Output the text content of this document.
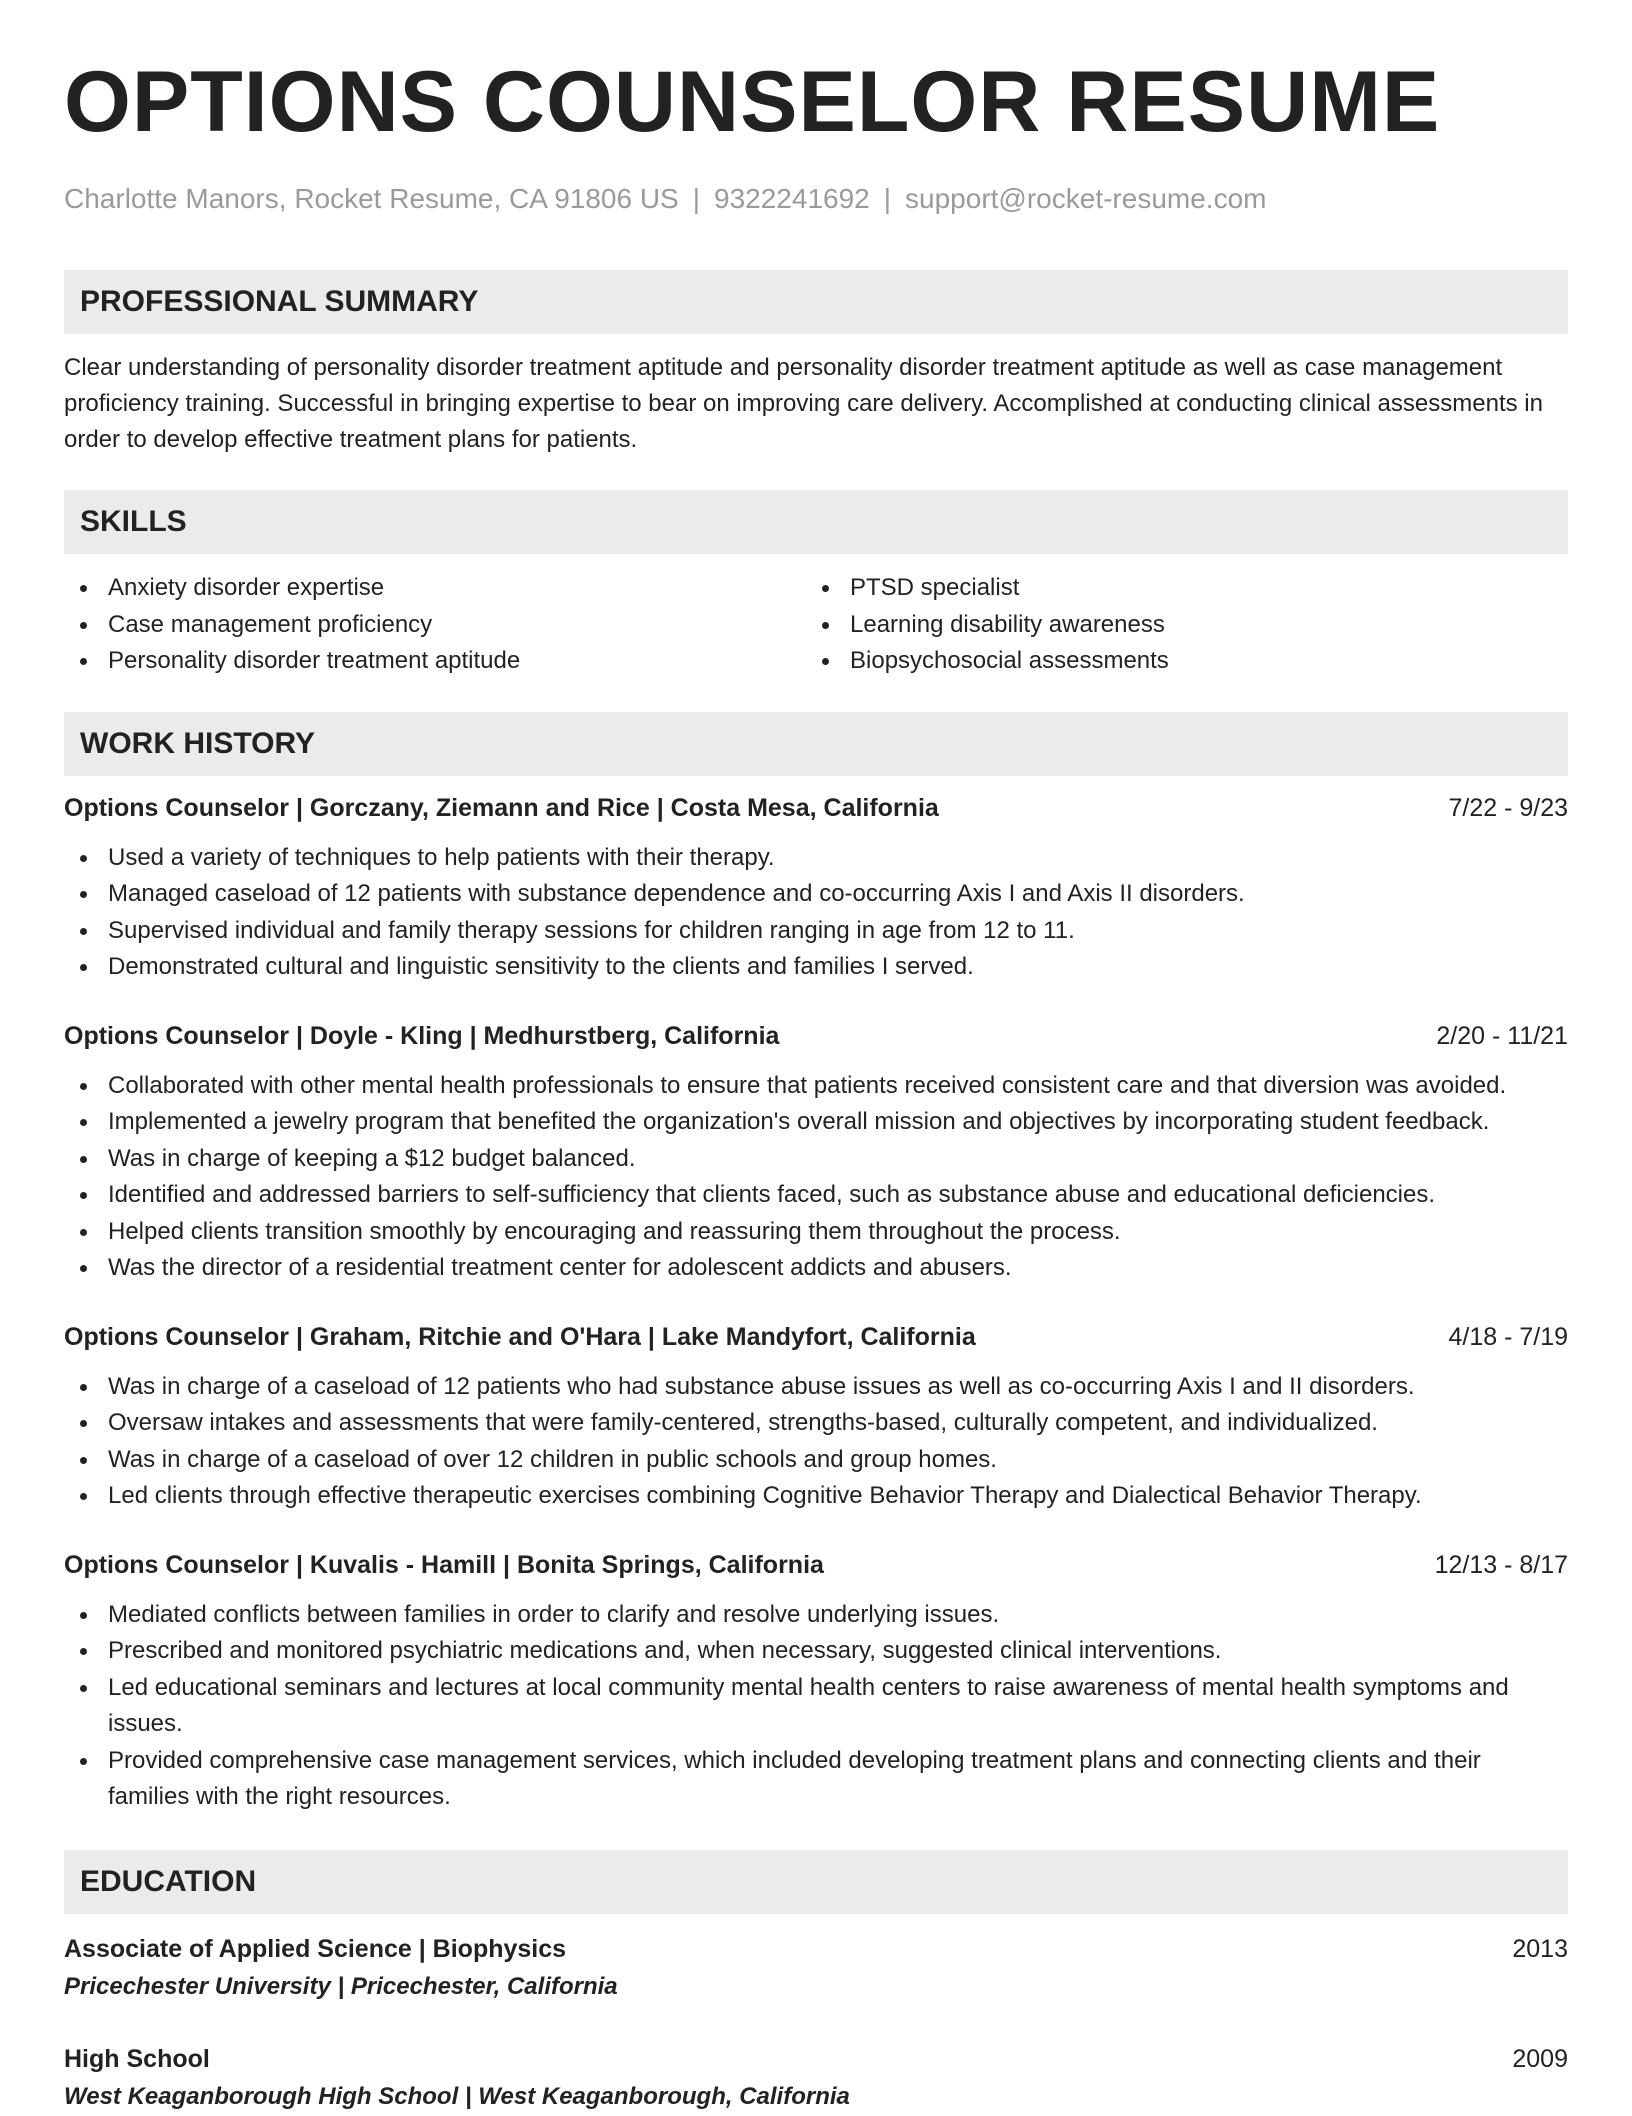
OPTIONS COUNSELOR RESUME
Charlotte Manors, Rocket Resume, CA 91806 US | 9322241692 | support@rocket-resume.com
PROFESSIONAL SUMMARY

Clear understanding of personality disorder treatment aptitude and personality disorder treatment aptitude as well as case management proficiency training. Successful in bringing expertise to bear on improving care delivery. Accomplished at conducting clinical assessments in order to develop effective treatment plans for patients.

SKILLS
Anxiety disorder expertise
Case management proficiency
Personality disorder treatment aptitude
PTSD specialist
Learning disability awareness
Biopsychosocial assessments
WORK HISTORY
Options Counselor | Gorczany, Ziemann and Rice | Costa Mesa, California	7/22 - 9/23
Used a variety of techniques to help patients with their therapy.
Managed caseload of 12 patients with substance dependence and co-occurring Axis I and Axis II disorders.
Supervised individual and family therapy sessions for children ranging in age from 12 to 11.
Demonstrated cultural and linguistic sensitivity to the clients and families I served.
Options Counselor | Doyle - Kling | Medhurstberg, California	2/20 - 11/21
Collaborated with other mental health professionals to ensure that patients received consistent care and that diversion was avoided.
Implemented a jewelry program that benefited the organization's overall mission and objectives by incorporating student feedback.
Was in charge of keeping a $12 budget balanced.
Identified and addressed barriers to self-sufficiency that clients faced, such as substance abuse and educational deficiencies.
Helped clients transition smoothly by encouraging and reassuring them throughout the process.
Was the director of a residential treatment center for adolescent addicts and abusers.
Options Counselor | Graham, Ritchie and O'Hara | Lake Mandyfort, California	4/18 - 7/19
Was in charge of a caseload of 12 patients who had substance abuse issues as well as co-occurring Axis I and II disorders.
Oversaw intakes and assessments that were family-centered, strengths-based, culturally competent, and individualized.
Was in charge of a caseload of over 12 children in public schools and group homes.
Led clients through effective therapeutic exercises combining Cognitive Behavior Therapy and Dialectical Behavior Therapy.
Options Counselor | Kuvalis - Hamill | Bonita Springs, California	12/13 - 8/17
Mediated conflicts between families in order to clarify and resolve underlying issues.
Prescribed and monitored psychiatric medications and, when necessary, suggested clinical interventions.
Led educational seminars and lectures at local community mental health centers to raise awareness of mental health symptoms and issues.
Provided comprehensive case management services, which included developing treatment plans and connecting clients and their families with the right resources.
EDUCATION
Associate of Applied Science | Biophysics	2013
Pricechester University | Pricechester, California
High School	2009
West Keaganborough High School | West Keaganborough, California
